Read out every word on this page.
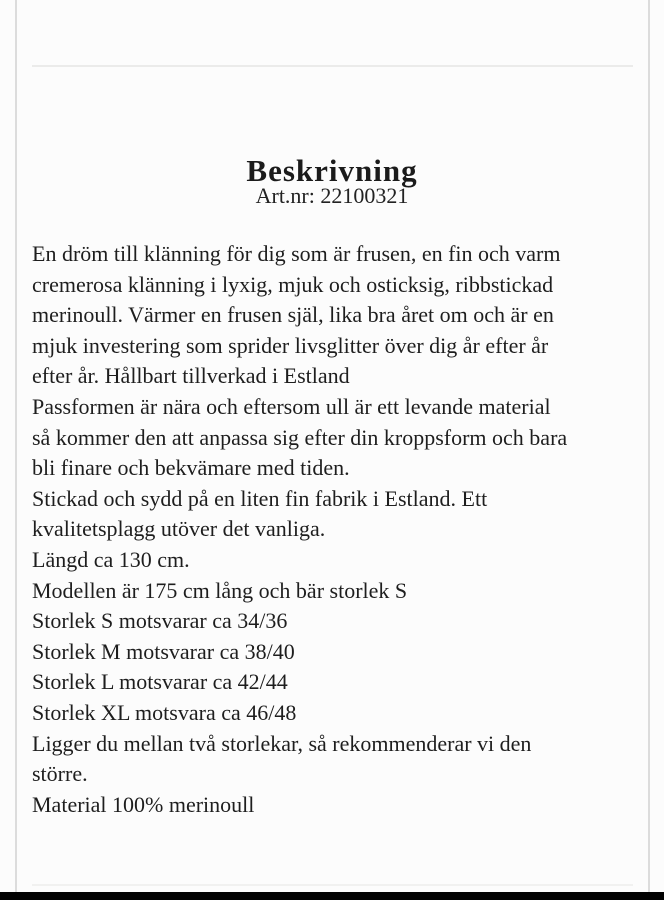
Beskrivning
Art.nr: 22100321
En dröm till klänning för dig som är frusen, en fin och varm
cremerosa klänning i lyxig, mjuk och osticksig, ribbstickad
merinoull. Värmer en frusen själ, lika bra året om och är en
mjuk investering som sprider livsglitter över dig år efter år
efter år. Hållbart tillverkad i Estland
Passformen är nära och eftersom ull är ett levande material
så kommer den att anpassa sig efter din kroppsform och bara
bli finare och bekvämare med tiden.
Stickad och sydd på en liten fin fabrik i Estland. Ett
kvalitetsplagg utöver det vanliga.
Längd ca 130 cm.
Modellen är 175 cm lång och bär storlek S
Storlek S motsvarar ca 34/36
Storlek M motsvarar ca 38/40
Storlek L motsvarar ca 42/44
Storlek XL motsvara ca 46/48
Ligger du mellan två storlekar, så rekommenderar vi den
större.
Material 100% merinoull
